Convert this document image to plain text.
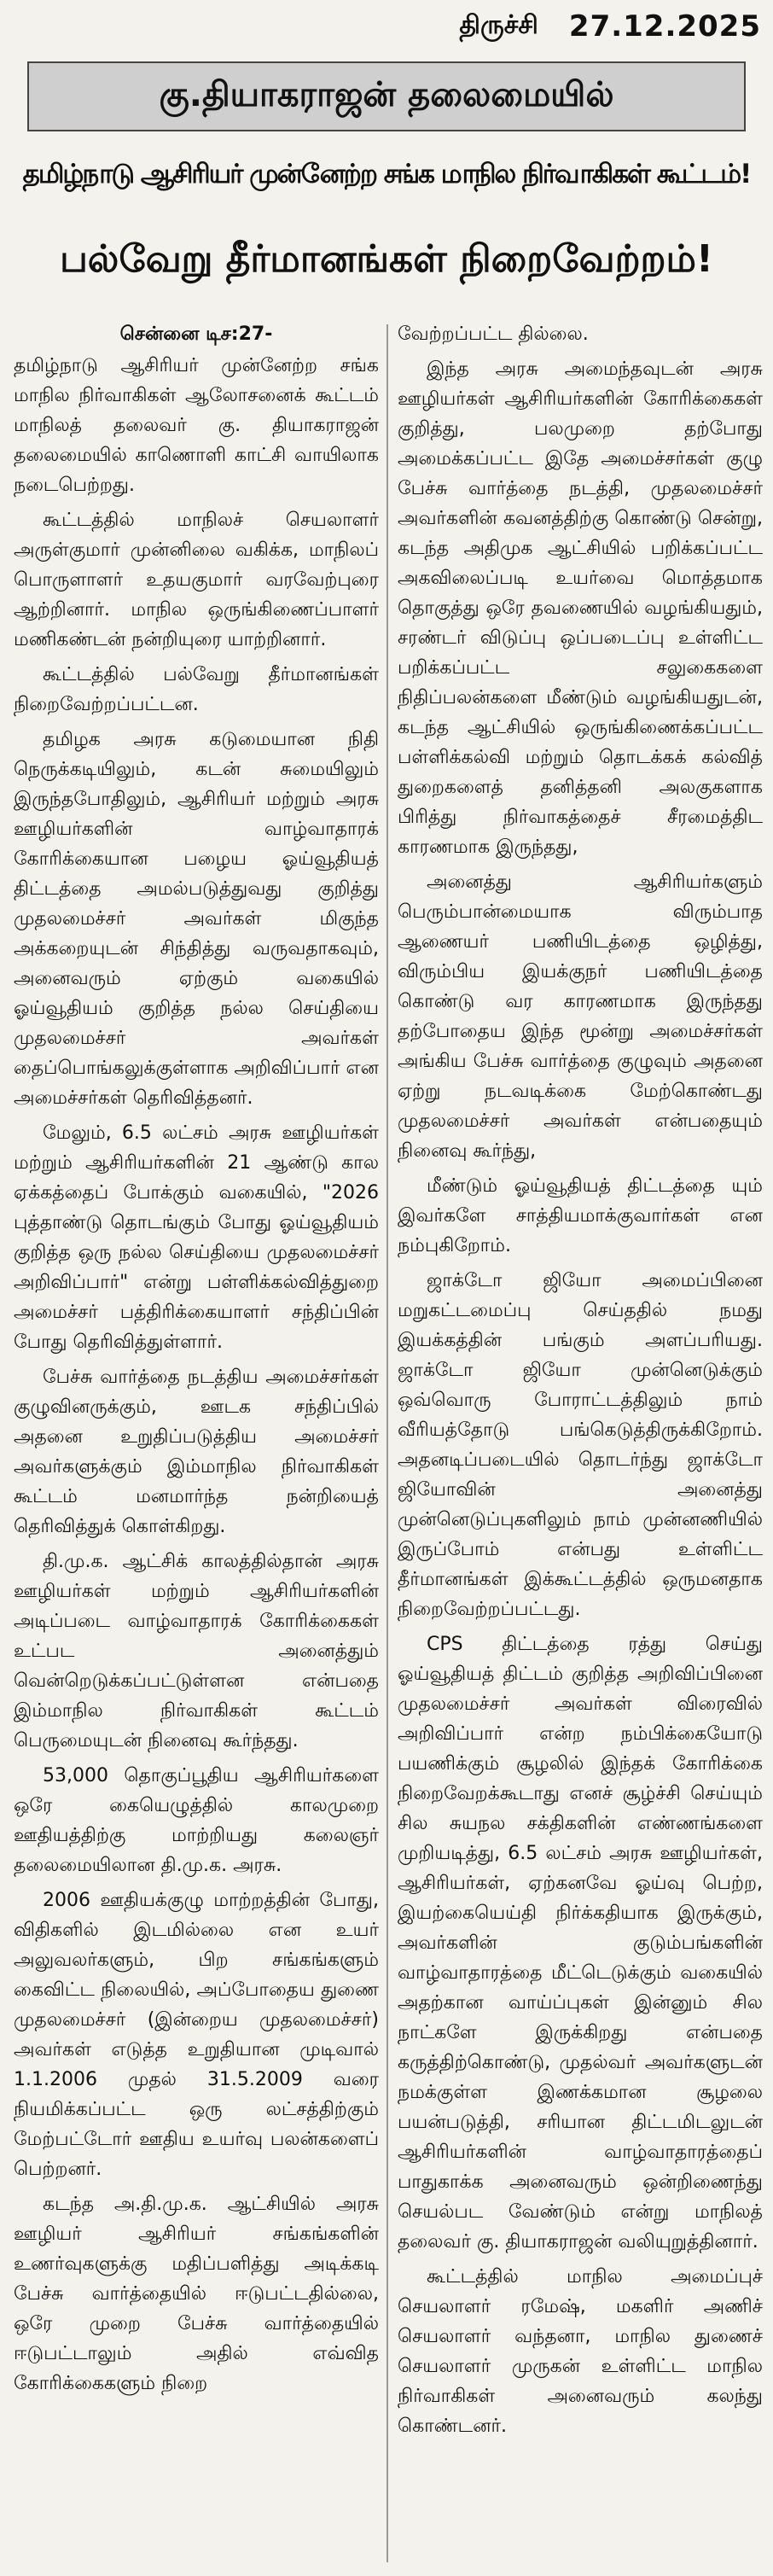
திருச்சி 27.12.2025
கு.தியாகராஜன் தலைமையில்
தமிழ்நாடு ஆசிரியர் முன்னேற்ற சங்க மாநில நிர்வாகிகள் கூட்டம்!
பல்வேறு தீர்மானங்கள் நிறைவேற்றம்!
சென்னை டிச:27-

தமிழ்நாடு ஆசிரியர் முன்னேற்ற சங்க மாநில நிர்வாகிகள் ஆலோசனைக் கூட்டம் மாநிலத் தலைவர் கு. தியாகராஜன் தலைமையில் காணொளி காட்சி வாயிலாக நடைபெற்றது.

கூட்டத்தில் மாநிலச் செயலாளர் அருள்குமார் முன்னிலை வகிக்க, மாநிலப் பொருளாளர் உதயகுமார் வரவேற்புரை ஆற்றினார். மாநில ஒருங்கிணைப்பாளர் மணிகண்டன் நன்றியுரை யாற்றினார்.

கூட்டத்தில் பல்வேறு தீர்மானங்கள் நிறைவேற்றப்பட்டன.

தமிழக அரசு கடுமையான நிதி நெருக்கடியிலும், கடன் சுமையிலும் இருந்தபோதிலும், ஆசிரியர் மற்றும் அரசு ஊழியர்களின் வாழ்வாதாரக் கோரிக்கையான பழைய ஓய்வூதியத் திட்டத்தை அமல்படுத்துவது குறித்து முதலமைச்சர் அவர்கள் மிகுந்த அக்கறையுடன் சிந்தித்து வருவதாகவும், அனைவரும் ஏற்கும் வகையில் ஓய்வூதியம் குறித்த நல்ல செய்தியை முதலமைச்சர் அவர்கள் தைப்பொங்கலுக்குள்ளாக அறிவிப்பார் என அமைச்சர்கள் தெரிவித்தனர்.

மேலும், 6.5 லட்சம் அரசு ஊழியர்கள் மற்றும் ஆசிரியர்களின் 21 ஆண்டு கால ஏக்கத்தைப் போக்கும் வகையில், "2026 புத்தாண்டு தொடங்கும் போது ஓய்வூதியம் குறித்த ஒரு நல்ல செய்தியை முதலமைச்சர் அறிவிப்பார்" என்று பள்ளிக்கல்வித்துறை அமைச்சர் பத்திரிக்கையாளர் சந்திப்பின் போது தெரிவித்துள்ளார்.

பேச்சு வார்த்தை நடத்திய அமைச்சர்கள் குழுவினருக்கும், ஊடக சந்திப்பில் அதனை உறுதிப்படுத்திய அமைச்சர் அவர்களுக்கும் இம்மாநில நிர்வாகிகள் கூட்டம் மனமார்ந்த நன்றியைத் தெரிவித்துக் கொள்கிறது.

தி.மு.க. ஆட்சிக் காலத்தில்தான் அரசு ஊழியர்கள் மற்றும் ஆசிரியர்களின் அடிப்படை வாழ்வாதாரக் கோரிக்கைகள் உட்பட அனைத்தும் வென்றெடுக்கப்பட்டுள்ளன என்பதை இம்மாநில நிர்வாகிகள் கூட்டம் பெருமையுடன் நினைவு கூர்ந்தது.

53,000 தொகுப்பூதிய ஆசிரியர்களை ஒரே கையெழுத்தில் காலமுறை ஊதியத்திற்கு மாற்றியது கலைஞர் தலைமையிலான தி.மு.க. அரசு.

2006 ஊதியக்குழு மாற்றத்தின் போது, விதிகளில் இடமில்லை என உயர் அலுவலர்களும், பிற சங்கங்களும் கைவிட்ட நிலையில், அப்போதைய துணை முதலமைச்சர் (இன்றைய முதலமைச்சர்) அவர்கள் எடுத்த உறுதியான முடிவால் 1.1.2006 முதல் 31.5.2009 வரை நியமிக்கப்பட்ட ஒரு லட்சத்திற்கும் மேற்பட்டோர் ஊதிய உயர்வு பலன்களைப் பெற்றனர்.

கடந்த அ.தி.மு.க. ஆட்சியில் அரசு ஊழியர் ஆசிரியர் சங்கங்களின் உணர்வுகளுக்கு மதிப்பளித்து அடிக்கடி பேச்சு வார்த்தையில் ஈடுபட்டதில்லை, ஒரே முறை பேச்சு வார்த்தையில் ஈடுபட்டாலும் அதில் எவ்வித கோரிக்கைகளும் நிறை

வேற்றப்பட்ட தில்லை.

இந்த அரசு அமைந்தவுடன் அரசு ஊழியர்கள் ஆசிரியர்களின் கோரிக்கைகள் குறித்து, பலமுறை தற்போது அமைக்கப்பட்ட இதே அமைச்சர்கள் குழு பேச்சு வார்த்தை நடத்தி, முதலமைச்சர் அவர்களின் கவனத்திற்கு கொண்டு சென்று, கடந்த அதிமுக ஆட்சியில் பறிக்கப்பட்ட அகவிலைப்படி உயர்வை மொத்தமாக தொகுத்து ஒரே தவணையில் வழங்கியதும், சரண்டர் விடுப்பு ஒப்படைப்பு உள்ளிட்ட பறிக்கப்பட்ட சலுகைகளை நிதிப்பலன்களை மீண்டும் வழங்கியதுடன், கடந்த ஆட்சியில் ஒருங்கிணைக்கப்பட்ட பள்ளிக்கல்வி மற்றும் தொடக்கக் கல்வித் துறைகளைத் தனித்தனி அலகுகளாக பிரித்து நிர்வாகத்தைச் சீரமைத்திட காரணமாக இருந்தது,

அனைத்து ஆசிரியர்களும் பெரும்பான்மையாக விரும்பாத ஆணையர் பணியிடத்தை ஒழித்து, விரும்பிய இயக்குநர் பணியிடத்தை கொண்டு வர காரணமாக இருந்தது தற்போதைய இந்த மூன்று அமைச்சர்கள் அங்கிய பேச்சு வார்த்தை குழுவும் அதனை ஏற்று நடவடிக்கை மேற்கொண்டது முதலமைச்சர் அவர்கள் என்பதையும் நினைவு கூர்ந்து,

மீண்டும் ஓய்வூதியத் திட்டத்தை யும் இவர்களே சாத்தியமாக்குவார்கள் என நம்புகிறோம்.

ஜாக்டோ ஜியோ அமைப்பினை மறுகட்டமைப்பு செய்ததில் நமது இயக்கத்தின் பங்கும் அளப்பரியது. ஜாக்டோ ஜியோ முன்னெடுக்கும் ஒவ்வொரு போராட்டத்திலும் நாம் வீரியத்தோடு பங்கெடுத்திருக்கிறோம். அதனடிப்படையில் தொடர்ந்து ஜாக்டோ ஜியோவின் அனைத்து முன்னெடுப்புகளிலும் நாம் முன்னணியில் இருப்போம் என்பது உள்ளிட்ட தீர்மானங்கள் இக்கூட்டத்தில் ஒருமனதாக நிறைவேற்றப்பட்டது.

CPS திட்டத்தை ரத்து செய்து ஓய்வூதியத் திட்டம் குறித்த அறிவிப்பினை முதலமைச்சர் அவர்கள் விரைவில் அறிவிப்பார் என்ற நம்பிக்கையோடு பயணிக்கும் சூழலில் இந்தக் கோரிக்கை நிறைவேறக்கூடாது எனச் சூழ்ச்சி செய்யும் சில சுயநல சக்திகளின் எண்ணங்களை முறியடித்து, 6.5 லட்சம் அரசு ஊழியர்கள், ஆசிரியர்கள், ஏற்கனவே ஓய்வு பெற்ற, இயற்கையெய்தி நிர்க்கதியாக இருக்கும், அவர்களின் குடும்பங்களின் வாழ்வாதாரத்தை மீட்டெடுக்கும் வகையில் அதற்கான வாய்ப்புகள் இன்னும் சில நாட்களே இருக்கிறது என்பதை கருத்திற்கொண்டு, முதல்வர் அவர்களுடன் நமக்குள்ள இணக்கமான சூழலை பயன்படுத்தி, சரியான திட்டமிடலுடன் ஆசிரியர்களின் வாழ்வாதாரத்தைப் பாதுகாக்க அனைவரும் ஒன்றிணைந்து செயல்பட வேண்டும் என்று மாநிலத் தலைவர் கு. தியாகராஜன் வலியுறுத்தினார்.

கூட்டத்தில் மாநில அமைப்புச் செயலாளர் ரமேஷ், மகளிர் அணிச் செயலாளர் வந்தனா, மாநில துணைச் செயலாளர் முருகன் உள்ளிட்ட மாநில நிர்வாகிகள் அனைவரும் கலந்து கொண்டனர்.
